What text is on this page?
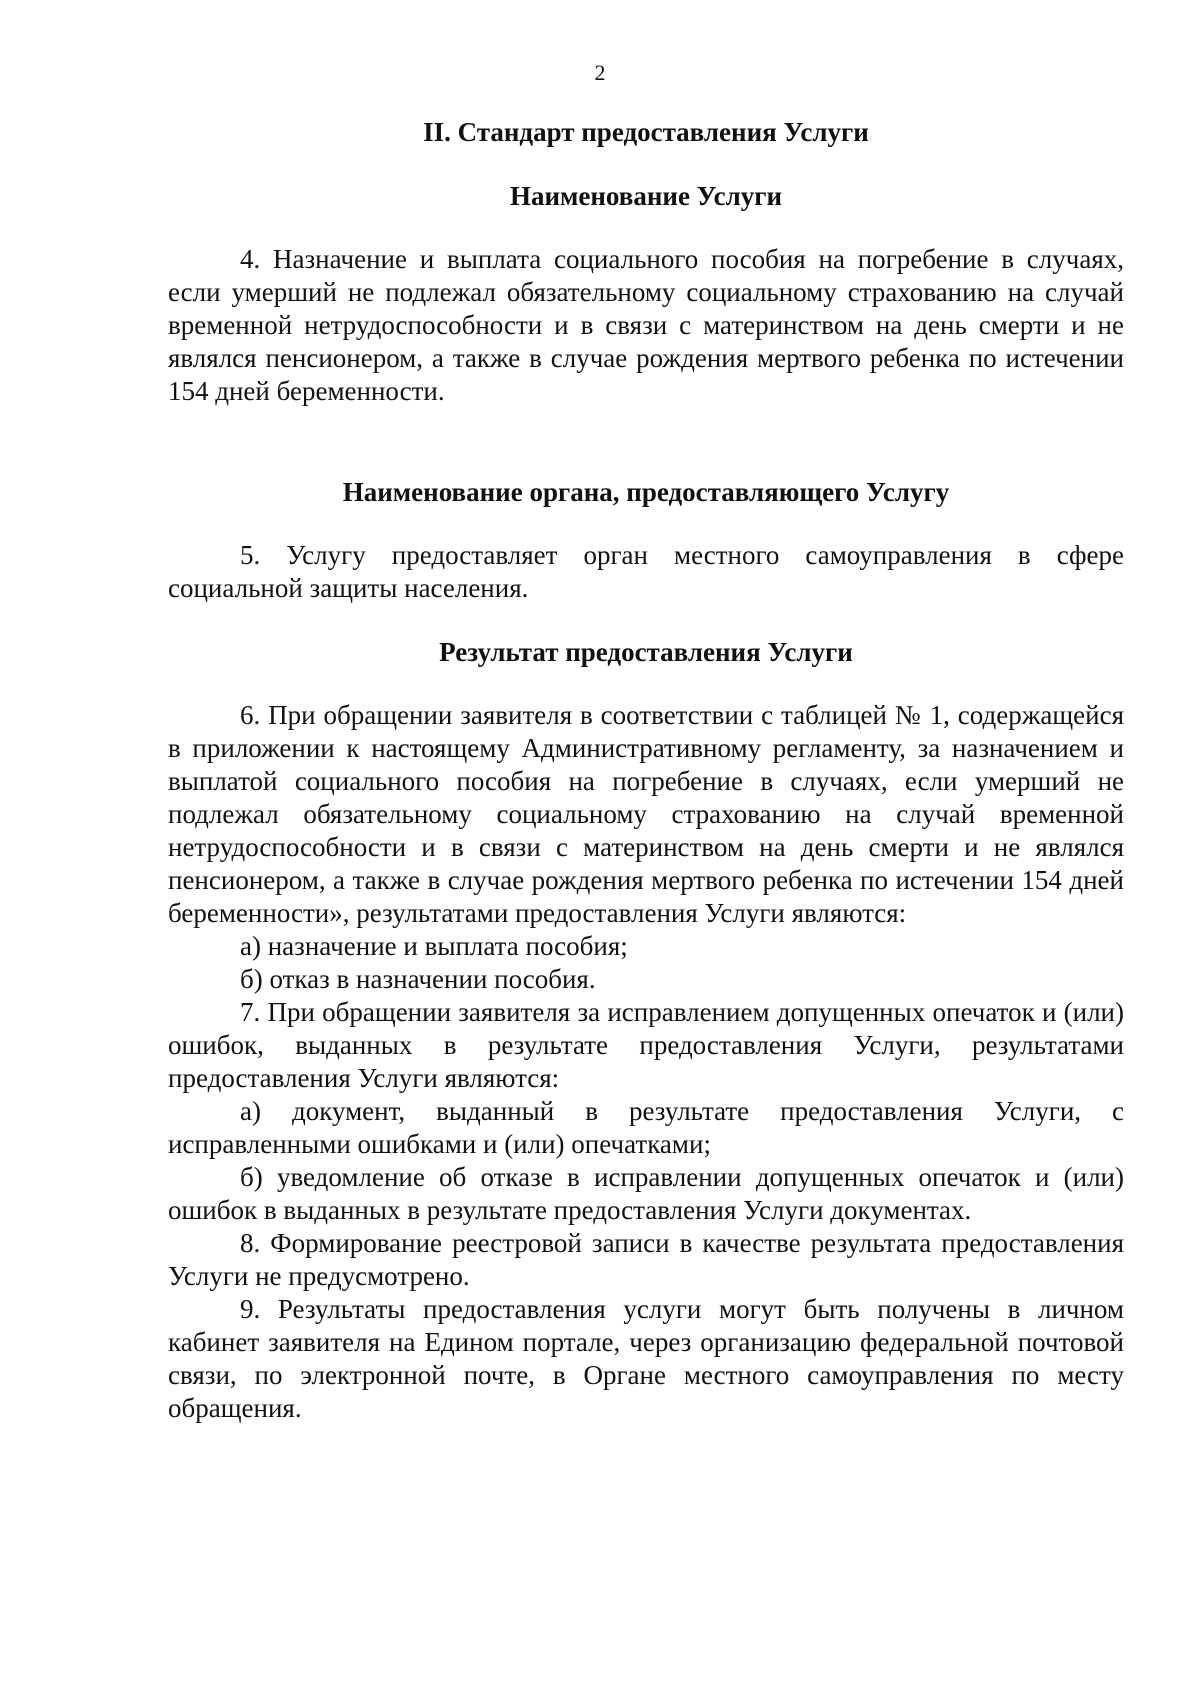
2
II. Стандарт предоставления Услуги
Наименование Услуги

4. Назначение и выплата социального пособия на погребение в случаях, если умерший не подлежал обязательному социальному страхованию на случай временной нетрудоспособности и в связи с материнством на день смерти и не являлся пенсионером, а также в случае рождения мертвого ребенка по истечении 154 дней беременности.

Наименование органа, предоставляющего Услугу

5. Услугу предоставляет орган местного самоуправления в сфере социальной защиты населения.

Результат предоставления Услуги

6. При обращении заявителя в соответствии с таблицей № 1, содержащейся в приложении к настоящему Административному регламенту, за назначением и выплатой социального пособия на погребение в случаях, если умерший не подлежал обязательному социальному страхованию на случай временной нетрудоспособности и в связи с материнством на день смерти и не являлся пенсионером, а также в случае рождения мертвого ребенка по истечении 154 дней беременности», результатами предоставления Услуги являются:

а) назначение и выплата пособия;

б) отказ в назначении пособия.

7. При обращении заявителя за исправлением допущенных опечаток и (или) ошибок, выданных в результате предоставления Услуги, результатами предоставления Услуги являются:

а) документ, выданный в результате предоставления Услуги, с исправленными ошибками и (или) опечатками;

б) уведомление об отказе в исправлении допущенных опечаток и (или) ошибок в выданных в результате предоставления Услуги документах.

8. Формирование реестровой записи в качестве результата предоставления Услуги не предусмотрено.

9. Результаты предоставления услуги могут быть получены в личном кабинет заявителя на Едином портале, через организацию федеральной почтовой связи, по электронной почте, в Органе местного самоуправления по месту обращения.
